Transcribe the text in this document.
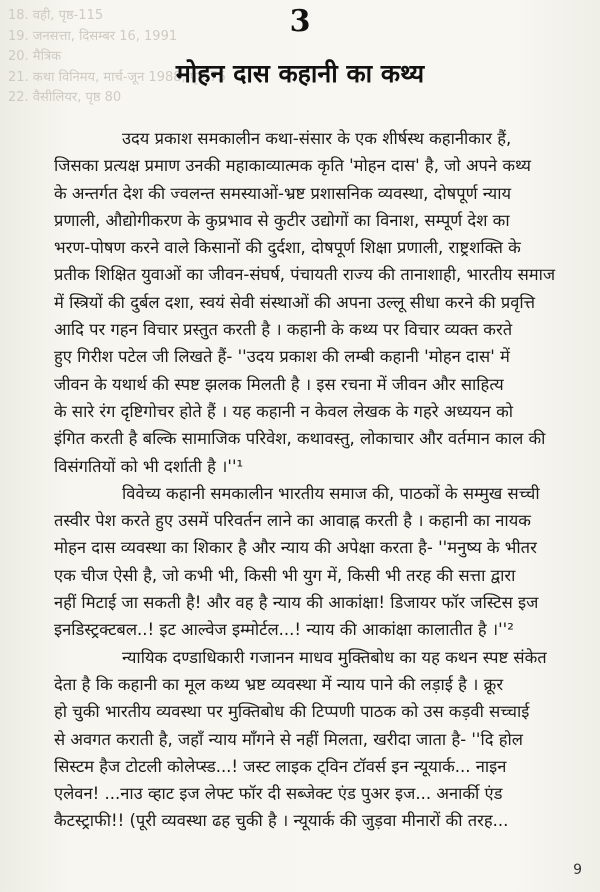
18. वही, पृष्ठ-115
19. जनसत्ता, दिसम्बर 16, 1991
20. मैत्रिक
21. कथा विनिमय, मार्च-जून 1988, पृष्ठ-75
22. वैसीलियर, पृष्ठ 80
3
मोहन दास कहानी का कथ्य
उदय प्रकाश समकालीन कथा-संसार के एक शीर्षस्थ कहानीकार हैं,
जिसका प्रत्यक्ष प्रमाण उनकी महाकाव्यात्मक कृति 'मोहन दास' है, जो अपने कथ्य
के अन्तर्गत देश की ज्वलन्त समस्याओं-भ्रष्ट प्रशासनिक व्यवस्था, दोषपूर्ण न्याय
प्रणाली, औद्योगीकरण के कुप्रभाव से कुटीर उद्योगों का विनाश, सम्पूर्ण देश का
भरण-पोषण करने वाले किसानों की दुर्दशा, दोषपूर्ण शिक्षा प्रणाली, राष्ट्रशक्ति के
प्रतीक शिक्षित युवाओं का जीवन-संघर्ष, पंचायती राज्य की तानाशाही, भारतीय समाज
में स्त्रियों की दुर्बल दशा, स्वयं सेवी संस्थाओं की अपना उल्लू सीधा करने की प्रवृत्ति
आदि पर गहन विचार प्रस्तुत करती है । कहानी के कथ्य पर विचार व्यक्त करते
हुए गिरीश पटेल जी लिखते हैं- ''उदय प्रकाश की लम्बी कहानी 'मोहन दास' में
जीवन के यथार्थ की स्पष्ट झलक मिलती है । इस रचना में जीवन और साहित्य
के सारे रंग दृष्टिगोचर होते हैं । यह कहानी न केवल लेखक के गहरे अध्ययन को
इंगित करती है बल्कि सामाजिक परिवेश, कथावस्तु, लोकाचार और वर्तमान काल की
विसंगतियों को भी दर्शाती है ।''¹
विवेच्य कहानी समकालीन भारतीय समाज की, पाठकों के सम्मुख सच्ची
तस्वीर पेश करते हुए उसमें परिवर्तन लाने का आवाह्न करती है । कहानी का नायक
मोहन दास व्यवस्था का शिकार है और न्याय की अपेक्षा करता है- ''मनुष्य के भीतर
एक चीज ऐसी है, जो कभी भी, किसी भी युग में, किसी भी तरह की सत्ता द्वारा
नहीं मिटाई जा सकती है! और वह है न्याय की आकांक्षा! डिजायर फॉर जस्टिस इज
इनडिस्ट्रक्टबल..! इट आल्वेज इम्मोर्टल...! न्याय की आकांक्षा कालातीत है ।''²
न्यायिक दण्डाधिकारी गजानन माधव मुक्तिबोध का यह कथन स्पष्ट संकेत
देता है कि कहानी का मूल कथ्य भ्रष्ट व्यवस्था में न्याय पाने की लड़ाई है । क्रूर
हो चुकी भारतीय व्यवस्था पर मुक्तिबोध की टिप्पणी पाठक को उस कड़वी सच्चाई
से अवगत कराती है, जहाँ न्याय माँगने से नहीं मिलता, खरीदा जाता है- ''दि होल
सिस्टम हैज टोटली कोलेप्स्ड...! जस्ट लाइक ट्विन टॉवर्स इन न्यूयार्क... नाइन
एलेवन! ...नाउ व्हाट इज लेफ्ट फॉर दी सब्जेक्ट एंड पुअर इज... अनार्की एंड
कैटस्ट्राफी!! (पूरी व्यवस्था ढह चुकी है । न्यूयार्क की जुड़वा मीनारों की तरह...
9
